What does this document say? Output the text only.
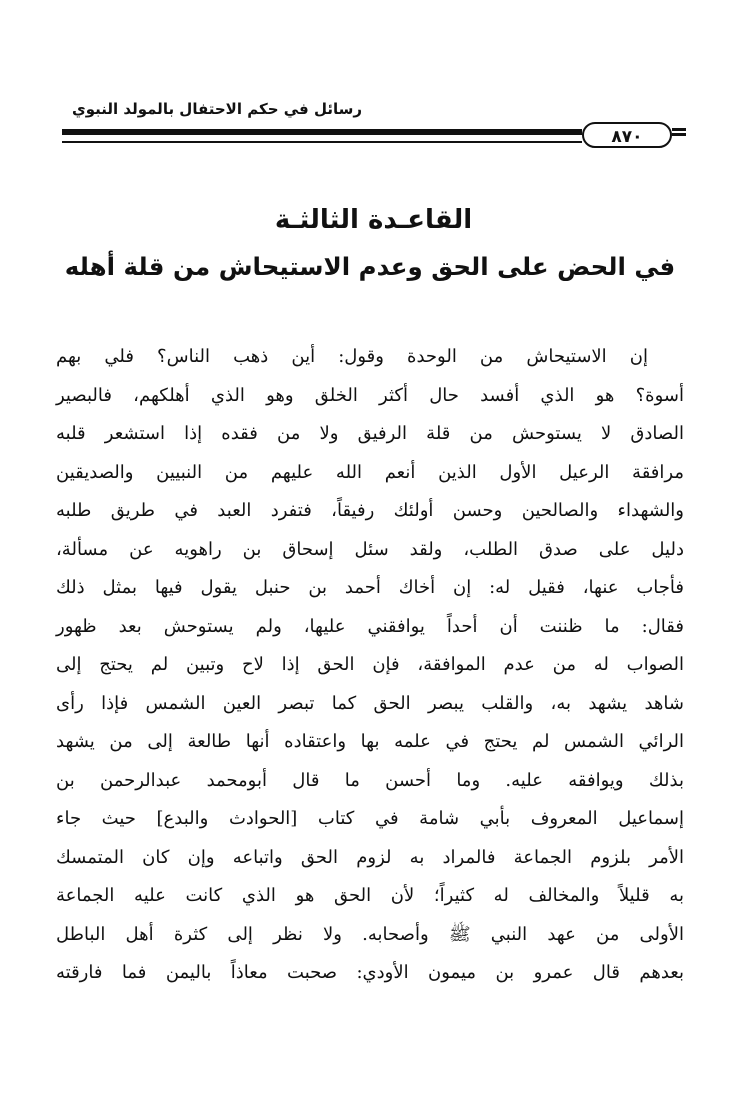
رسائل في حكم الاحتفال بالمولد النبوي
٨٧٠
القاعـدة الثالثـة
في الحض على الحق وعدم الاستيحاش من قلة أهله
إن الاستيحاش من الوحدة وقول: أين ذهب الناس؟ فلي بهم
أسوة؟ هو الذي أفسد حال أكثر الخلق وهو الذي أهلكهم، فالبصير
الصادق لا يستوحش من قلة الرفيق ولا من فقده إذا استشعر قلبه
مرافقة الرعيل الأول الذين أنعم الله عليهم من النبيين والصديقين
والشهداء والصالحين وحسن أولئك رفيقاً، فتفرد العبد في طريق طلبه
دليل على صدق الطلب، ولقد سئل إسحاق بن راهويه عن مسألة،
فأجاب عنها، فقيل له: إن أخاك أحمد بن حنبل يقول فيها بمثل ذلك
فقال: ما ظننت أن أحداً يوافقني عليها، ولم يستوحش بعد ظهور
الصواب له من عدم الموافقة، فإن الحق إذا لاح وتبين لم يحتج إلى
شاهد يشهد به، والقلب يبصر الحق كما تبصر العين الشمس فإذا رأى
الرائي الشمس لم يحتج في علمه بها واعتقاده أنها طالعة إلى من يشهد
بذلك ويوافقه عليه. وما أحسن ما قال أبومحمد عبدالرحمن بن
إسماعيل المعروف بأبي شامة في كتاب [الحوادث والبدع] حيث جاء
الأمر بلزوم الجماعة فالمراد به لزوم الحق واتباعه وإن كان المتمسك
به قليلاً والمخالف له كثيراً؛ لأن الحق هو الذي كانت عليه الجماعة
الأولى من عهد النبي ﷺ وأصحابه. ولا نظر إلى كثرة أهل الباطل
بعدهم قال عمرو بن ميمون الأودي: صحبت معاذاً باليمن فما فارقته
